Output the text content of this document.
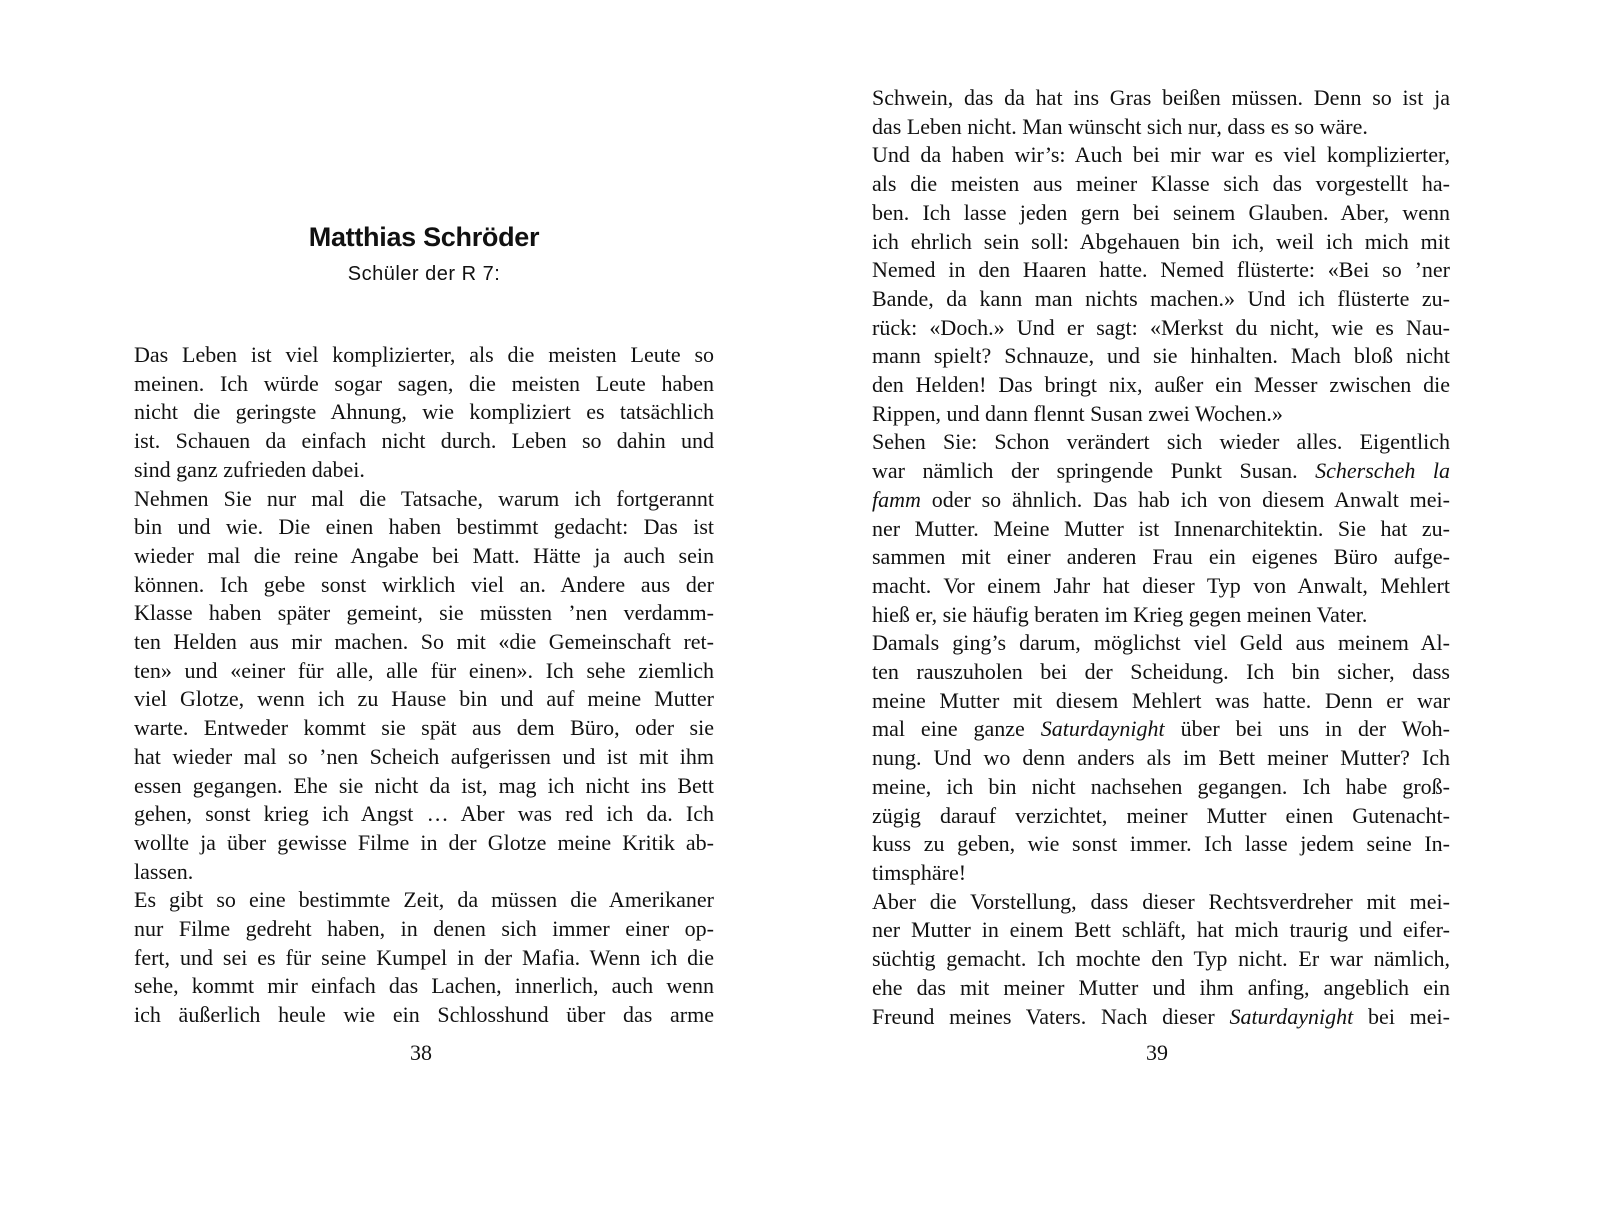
Matthias Schröder
Schüler der R 7:
Das Leben ist viel komplizierter, als die meisten Leute so
meinen. Ich würde sogar sagen, die meisten Leute haben
nicht die geringste Ahnung, wie kompliziert es tatsächlich
ist. Schauen da einfach nicht durch. Leben so dahin und
sind ganz zufrieden dabei.
Nehmen Sie nur mal die Tatsache, warum ich fortgerannt
bin und wie. Die einen haben bestimmt gedacht: Das ist
wieder mal die reine Angabe bei Matt. Hätte ja auch sein
können. Ich gebe sonst wirklich viel an. Andere aus der
Klasse haben später gemeint, sie müssten ’nen verdamm-
ten Helden aus mir machen. So mit «die Gemeinschaft ret-
ten» und «einer für alle, alle für einen». Ich sehe ziemlich
viel Glotze, wenn ich zu Hause bin und auf meine Mutter
warte. Entweder kommt sie spät aus dem Büro, oder sie
hat wieder mal so ’nen Scheich aufgerissen und ist mit ihm
essen gegangen. Ehe sie nicht da ist, mag ich nicht ins Bett
gehen, sonst krieg ich Angst … Aber was red ich da. Ich
wollte ja über gewisse Filme in der Glotze meine Kritik ab-
lassen.
Es gibt so eine bestimmte Zeit, da müssen die Amerikaner
nur Filme gedreht haben, in denen sich immer einer op-
fert, und sei es für seine Kumpel in der Mafia. Wenn ich die
sehe, kommt mir einfach das Lachen, innerlich, auch wenn
ich äußerlich heule wie ein Schlosshund über das arme
38
Schwein, das da hat ins Gras beißen müssen. Denn so ist ja
das Leben nicht. Man wünscht sich nur, dass es so wäre.
Und da haben wir’s: Auch bei mir war es viel komplizierter,
als die meisten aus meiner Klasse sich das vorgestellt ha-
ben. Ich lasse jeden gern bei seinem Glauben. Aber, wenn
ich ehrlich sein soll: Abgehauen bin ich, weil ich mich mit
Nemed in den Haaren hatte. Nemed flüsterte: «Bei so ’ner
Bande, da kann man nichts machen.» Und ich flüsterte zu-
rück: «Doch.» Und er sagt: «Merkst du nicht, wie es Nau-
mann spielt? Schnauze, und sie hinhalten. Mach bloß nicht
den Helden! Das bringt nix, außer ein Messer zwischen die
Rippen, und dann flennt Susan zwei Wochen.»
Sehen Sie: Schon verändert sich wieder alles. Eigentlich
war nämlich der springende Punkt Susan. Scherscheh la
famm oder so ähnlich. Das hab ich von diesem Anwalt mei-
ner Mutter. Meine Mutter ist Innenarchitektin. Sie hat zu-
sammen mit einer anderen Frau ein eigenes Büro aufge-
macht. Vor einem Jahr hat dieser Typ von Anwalt, Mehlert
hieß er, sie häufig beraten im Krieg gegen meinen Vater.
Damals ging’s darum, möglichst viel Geld aus meinem Al-
ten rauszuholen bei der Scheidung. Ich bin sicher, dass
meine Mutter mit diesem Mehlert was hatte. Denn er war
mal eine ganze Saturdaynight über bei uns in der Woh-
nung. Und wo denn anders als im Bett meiner Mutter? Ich
meine, ich bin nicht nachsehen gegangen. Ich habe groß-
zügig darauf verzichtet, meiner Mutter einen Gutenacht-
kuss zu geben, wie sonst immer. Ich lasse jedem seine In-
timsphäre!
Aber die Vorstellung, dass dieser Rechtsverdreher mit mei-
ner Mutter in einem Bett schläft, hat mich traurig und eifer-
süchtig gemacht. Ich mochte den Typ nicht. Er war nämlich,
ehe das mit meiner Mutter und ihm anfing, angeblich ein
Freund meines Vaters. Nach dieser Saturdaynight bei mei-
39
